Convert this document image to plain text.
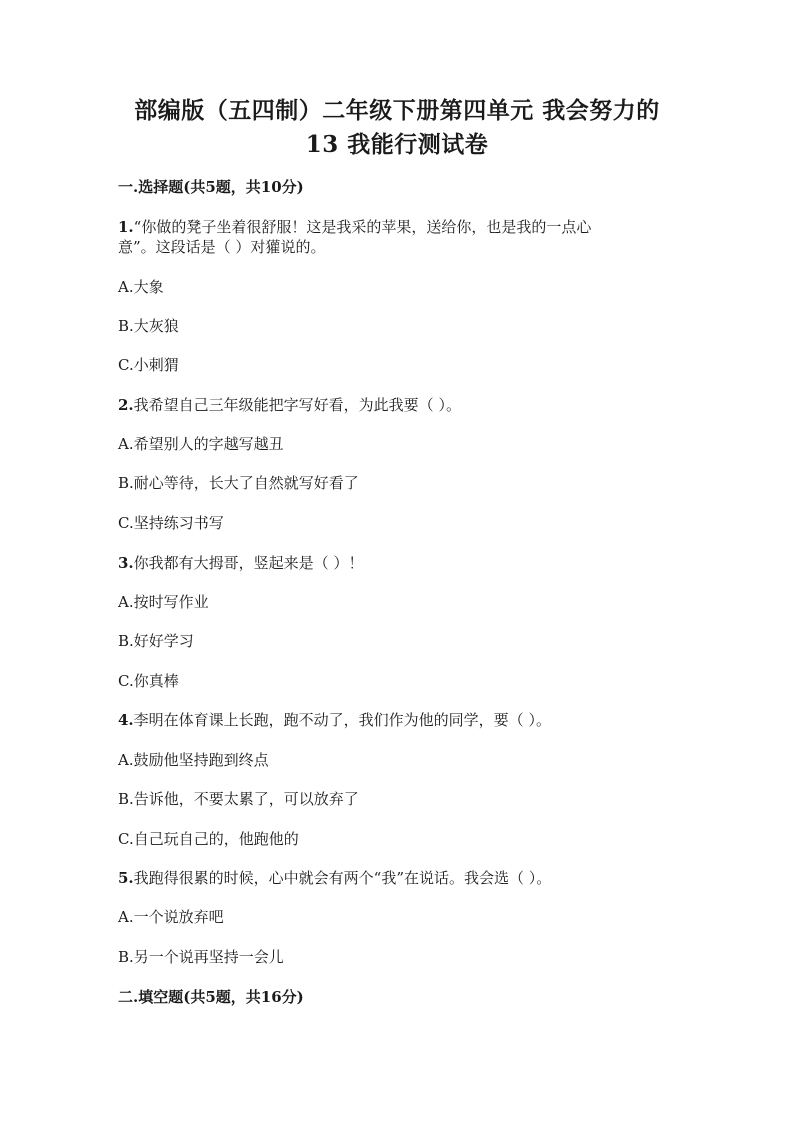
部编版（五四制）二年级下册第四单元 我会努力的
13 我能行测试卷
一.选择题(共5题，共10分)
1.“你做的凳子坐着很舒服！这是我采的苹果，送给你，也是我的一点心
意”。这段话是（ ）对獾说的。
A.大象
B.大灰狼
C.小刺猬
2.我希望自己三年级能把字写好看，为此我要（ ）。
A.希望别人的字越写越丑
B.耐心等待，长大了自然就写好看了
C.坚持练习书写
3.你我都有大拇哥，竖起来是（ ）！
A.按时写作业
B.好好学习
C.你真棒
4.李明在体育课上长跑，跑不动了，我们作为他的同学，要（ ）。
A.鼓励他坚持跑到终点
B.告诉他，不要太累了，可以放弃了
C.自己玩自己的，他跑他的
5.我跑得很累的时候，心中就会有两个“我”在说话。我会选（ ）。
A.一个说放弃吧
B.另一个说再坚持一会儿
二.填空题(共5题，共16分)
